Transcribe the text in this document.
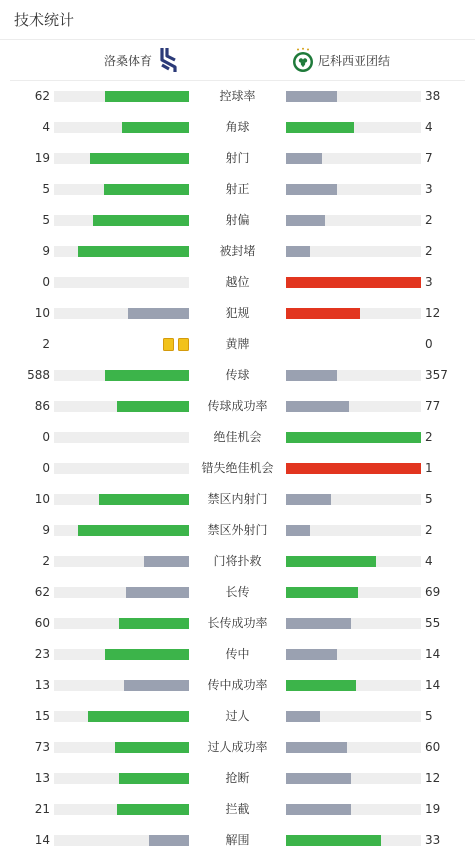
技术统计
洛桑体育	尼科西亚团结
62	控球率	38
4	角球	4
19	射门	7
5	射正	3
5	射偏	2
9	被封堵	2
0	越位	3
10	犯规	12
2	黄牌	0
588	传球	357
86	传球成功率	77
0	绝佳机会	2
0	错失绝佳机会	1
10	禁区内射门	5
9	禁区外射门	2
2	门将扑救	4
62	长传	69
60	长传成功率	55
23	传中	14
13	传中成功率	14
15	过人	5
73	过人成功率	60
13	抢断	12
21	拦截	19
14	解围	33
